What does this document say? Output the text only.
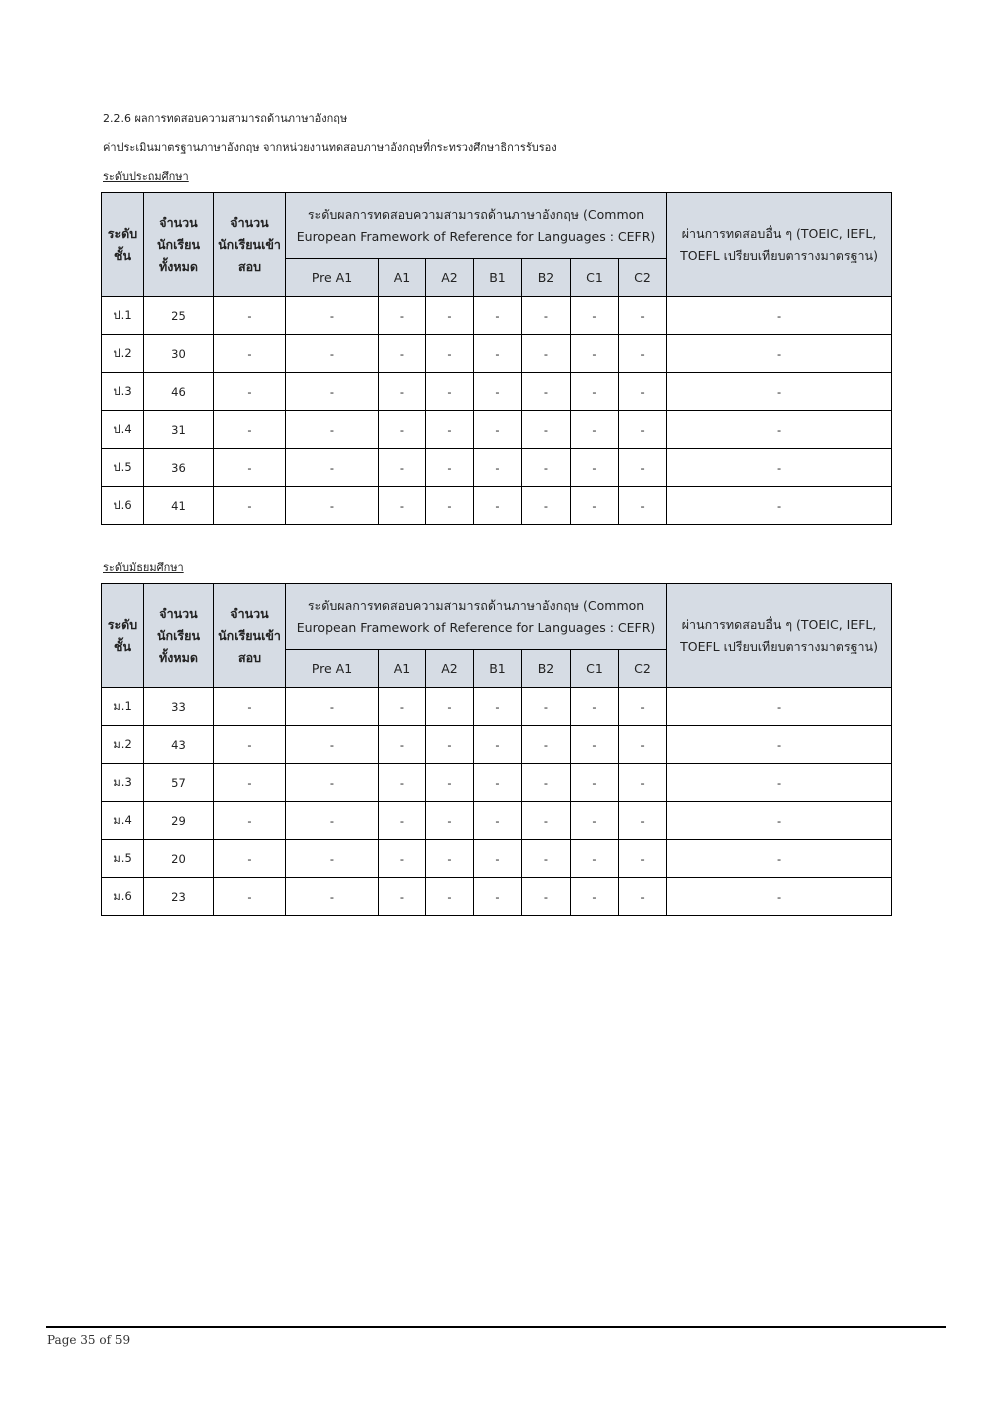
2.2.6 ผลการทดสอบความสามารถด้านภาษาอังกฤษ
ค่าประเมินมาตรฐานภาษาอังกฤษ จากหน่วยงานทดสอบภาษาอังกฤษที่กระทรวงศึกษาธิการรับรอง
ระดับประถมศึกษา
ระดับชั้น	จำนวนนักเรียนทั้งหมด	จำนวนนักเรียนเข้าสอบ	ระดับผลการทดสอบความสามารถด้านภาษาอังกฤษ (Common European Framework of Reference for Languages : CEFR)							ผ่านการทดสอบอื่น ๆ (TOEIC, IEFL, TOEFL เปรียบเทียบตารางมาตรฐาน)
			Pre A1	A1	A2	B1	B2	C1	C2	
ป.1	25	-	-	-	-	-	-	-	-	-
ป.2	30	-	-	-	-	-	-	-	-	-
ป.3	46	-	-	-	-	-	-	-	-	-
ป.4	31	-	-	-	-	-	-	-	-	-
ป.5	36	-	-	-	-	-	-	-	-	-
ป.6	41	-	-	-	-	-	-	-	-	-
ระดับมัธยมศึกษา
ระดับชั้น	จำนวนนักเรียนทั้งหมด	จำนวนนักเรียนเข้าสอบ	ระดับผลการทดสอบความสามารถด้านภาษาอังกฤษ (Common European Framework of Reference for Languages : CEFR)							ผ่านการทดสอบอื่น ๆ (TOEIC, IEFL, TOEFL เปรียบเทียบตารางมาตรฐาน)
			Pre A1	A1	A2	B1	B2	C1	C2	
ม.1	33	-	-	-	-	-	-	-	-	-
ม.2	43	-	-	-	-	-	-	-	-	-
ม.3	57	-	-	-	-	-	-	-	-	-
ม.4	29	-	-	-	-	-	-	-	-	-
ม.5	20	-	-	-	-	-	-	-	-	-
ม.6	23	-	-	-	-	-	-	-	-	-
Page 35 of 59
